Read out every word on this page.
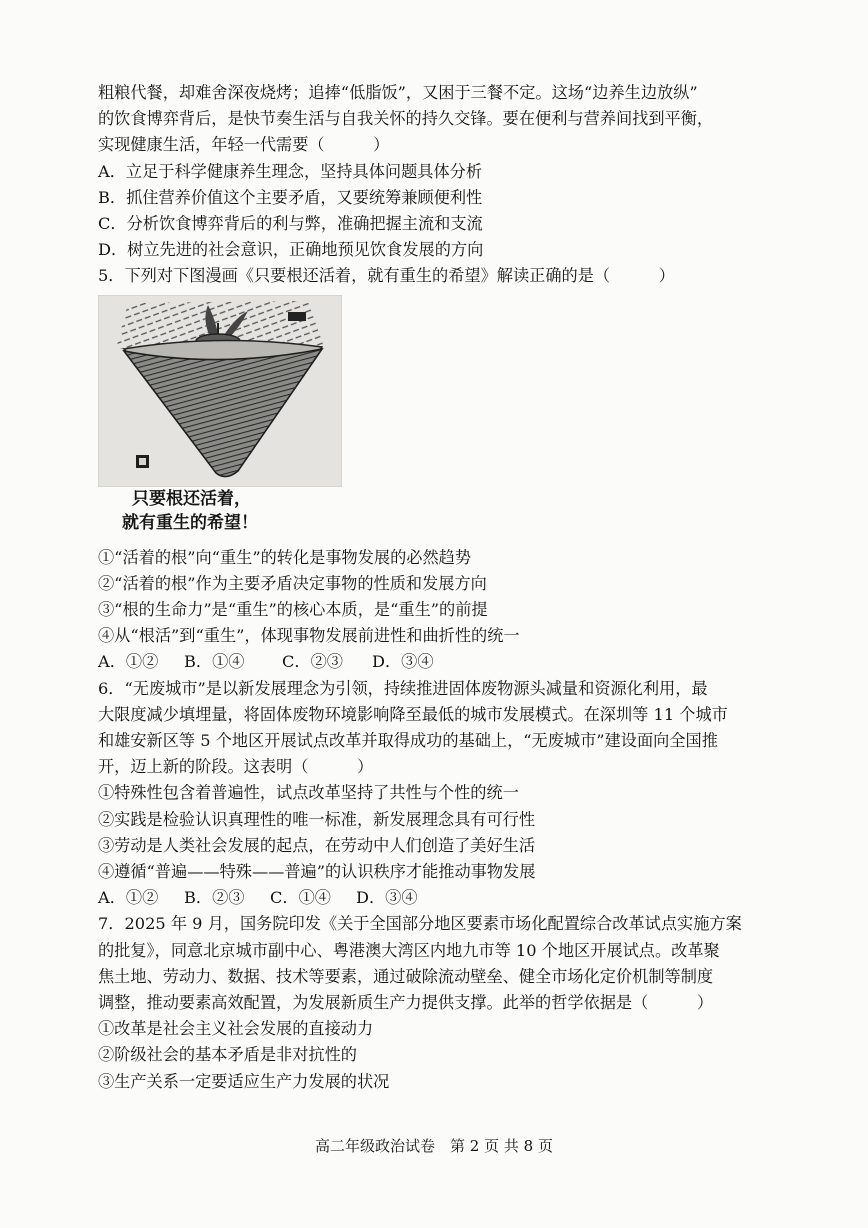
粗粮代餐，却难舍深夜烧烤；追捧“低脂饭”，又困于三餐不定。这场“边养生边放纵”
的饮食博弈背后，是快节奏生活与自我关怀的持久交锋。要在便利与营养间找到平衡，
实现健康生活，年轻一代需要（　　　）
A．立足于科学健康养生理念，坚持具体问题具体分析
B．抓住营养价值这个主要矛盾，又要统筹兼顾便利性
C．分析饮食博弈背后的利与弊，准确把握主流和支流
D．树立先进的社会意识，正确地预见饮食发展的方向
5．下列对下图漫画《只要根还活着，就有重生的希望》解读正确的是（　　　）
只要根还活着，
就有重生的希望！
①“活着的根”向“重生”的转化是事物发展的必然趋势
②“活着的根”作为主要矛盾决定事物的性质和发展方向
③“根的生命力”是“重生”的核心本质，是“重生”的前提
④从“根活”到“重生”，体现事物发展前进性和曲折性的统一
A．①② B．①④ C．②③ D．③④
6．“无废城市”是以新发展理念为引领，持续推进固体废物源头减量和资源化利用，最
大限度减少填埋量，将固体废物环境影响降至最低的城市发展模式。在深圳等 11 个城市
和雄安新区等 5 个地区开展试点改革并取得成功的基础上，“无废城市”建设面向全国推
开，迈上新的阶段。这表明（　　　）
①特殊性包含着普遍性，试点改革坚持了共性与个性的统一
②实践是检验认识真理性的唯一标准，新发展理念具有可行性
③劳动是人类社会发展的起点，在劳动中人们创造了美好生活
④遵循“普遍——特殊——普遍”的认识秩序才能推动事物发展
A．①② B．②③ C．①④ D．③④
7．2025 年 9 月，国务院印发《关于全国部分地区要素市场化配置综合改革试点实施方案
的批复》，同意北京城市副中心、粤港澳大湾区内地九市等 10 个地区开展试点。改革聚
焦土地、劳动力、数据、技术等要素，通过破除流动壁垒、健全市场化定价机制等制度
调整，推动要素高效配置，为发展新质生产力提供支撑。此举的哲学依据是（　　　）
①改革是社会主义社会发展的直接动力
②阶级社会的基本矛盾是非对抗性的
③生产关系一定要适应生产力发展的状况
高二年级政治试卷　第 2 页 共 8 页
